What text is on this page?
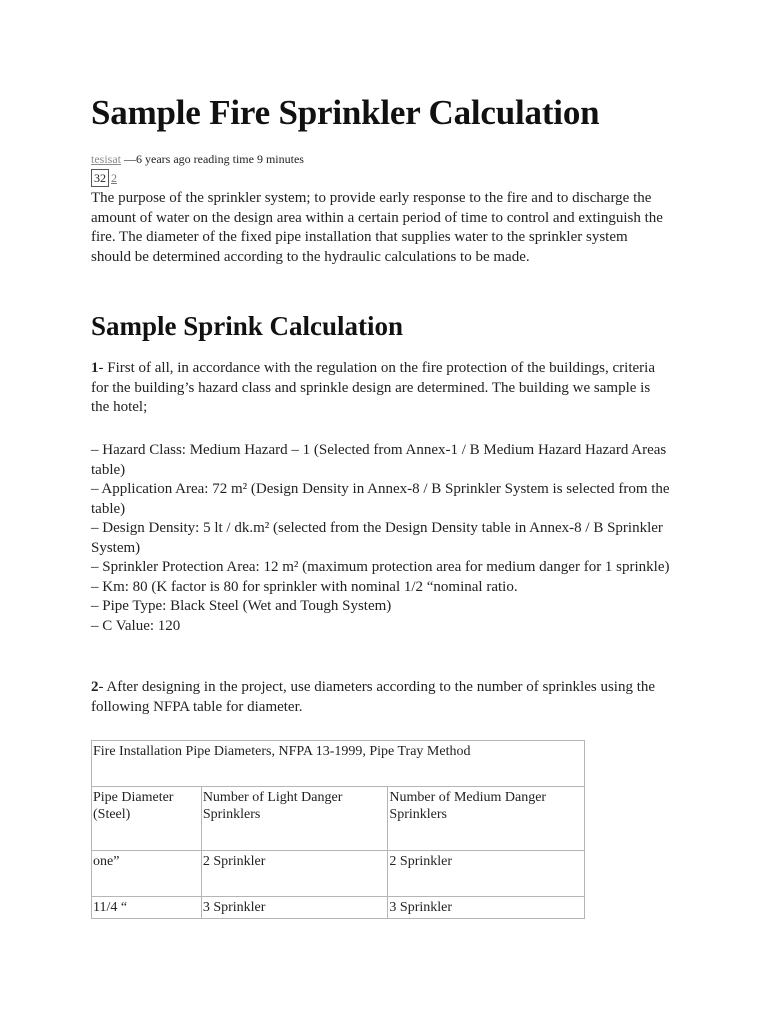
Sample Fire Sprinkler Calculation
tesisat —6 years ago reading time 9 minutes
32 2

The purpose of the sprinkler system; to provide early response to the fire and to discharge the amount of water on the design area within a certain period of time to control and extinguish the fire. The diameter of the fixed pipe installation that supplies water to the sprinkler system should be determined according to the hydraulic calculations to be made.

Sample Sprink Calculation

1- First of all, in accordance with the regulation on the fire protection of the buildings, criteria for the building’s hazard class and sprinkle design are determined. The building we sample is the hotel;

– Hazard Class: Medium Hazard – 1 (Selected from Annex-1 / B Medium Hazard Hazard Areas table)
– Application Area: 72 m² (Design Density in Annex-8 / B Sprinkler System is selected from the table)
– Design Density: 5 lt / dk.m² (selected from the Design Density table in Annex-8 / B Sprinkler System)
– Sprinkler Protection Area: 12 m² (maximum protection area for medium danger for 1 sprinkle)
– Km: 80 (K factor is 80 for sprinkler with nominal 1/2 “nominal ratio.
– Pipe Type: Black Steel (Wet and Tough System)
– C Value: 120

2- After designing in the project, use diameters according to the number of sprinkles using the following NFPA table for diameter.

Fire Installation Pipe Diameters, NFPA 13-1999, Pipe Tray Method		
Pipe Diameter (Steel)	Number of Light Danger Sprinklers	Number of Medium Danger Sprinklers
one”	2 Sprinkler	2 Sprinkler
11/4 “	3 Sprinkler	3 Sprinkler
